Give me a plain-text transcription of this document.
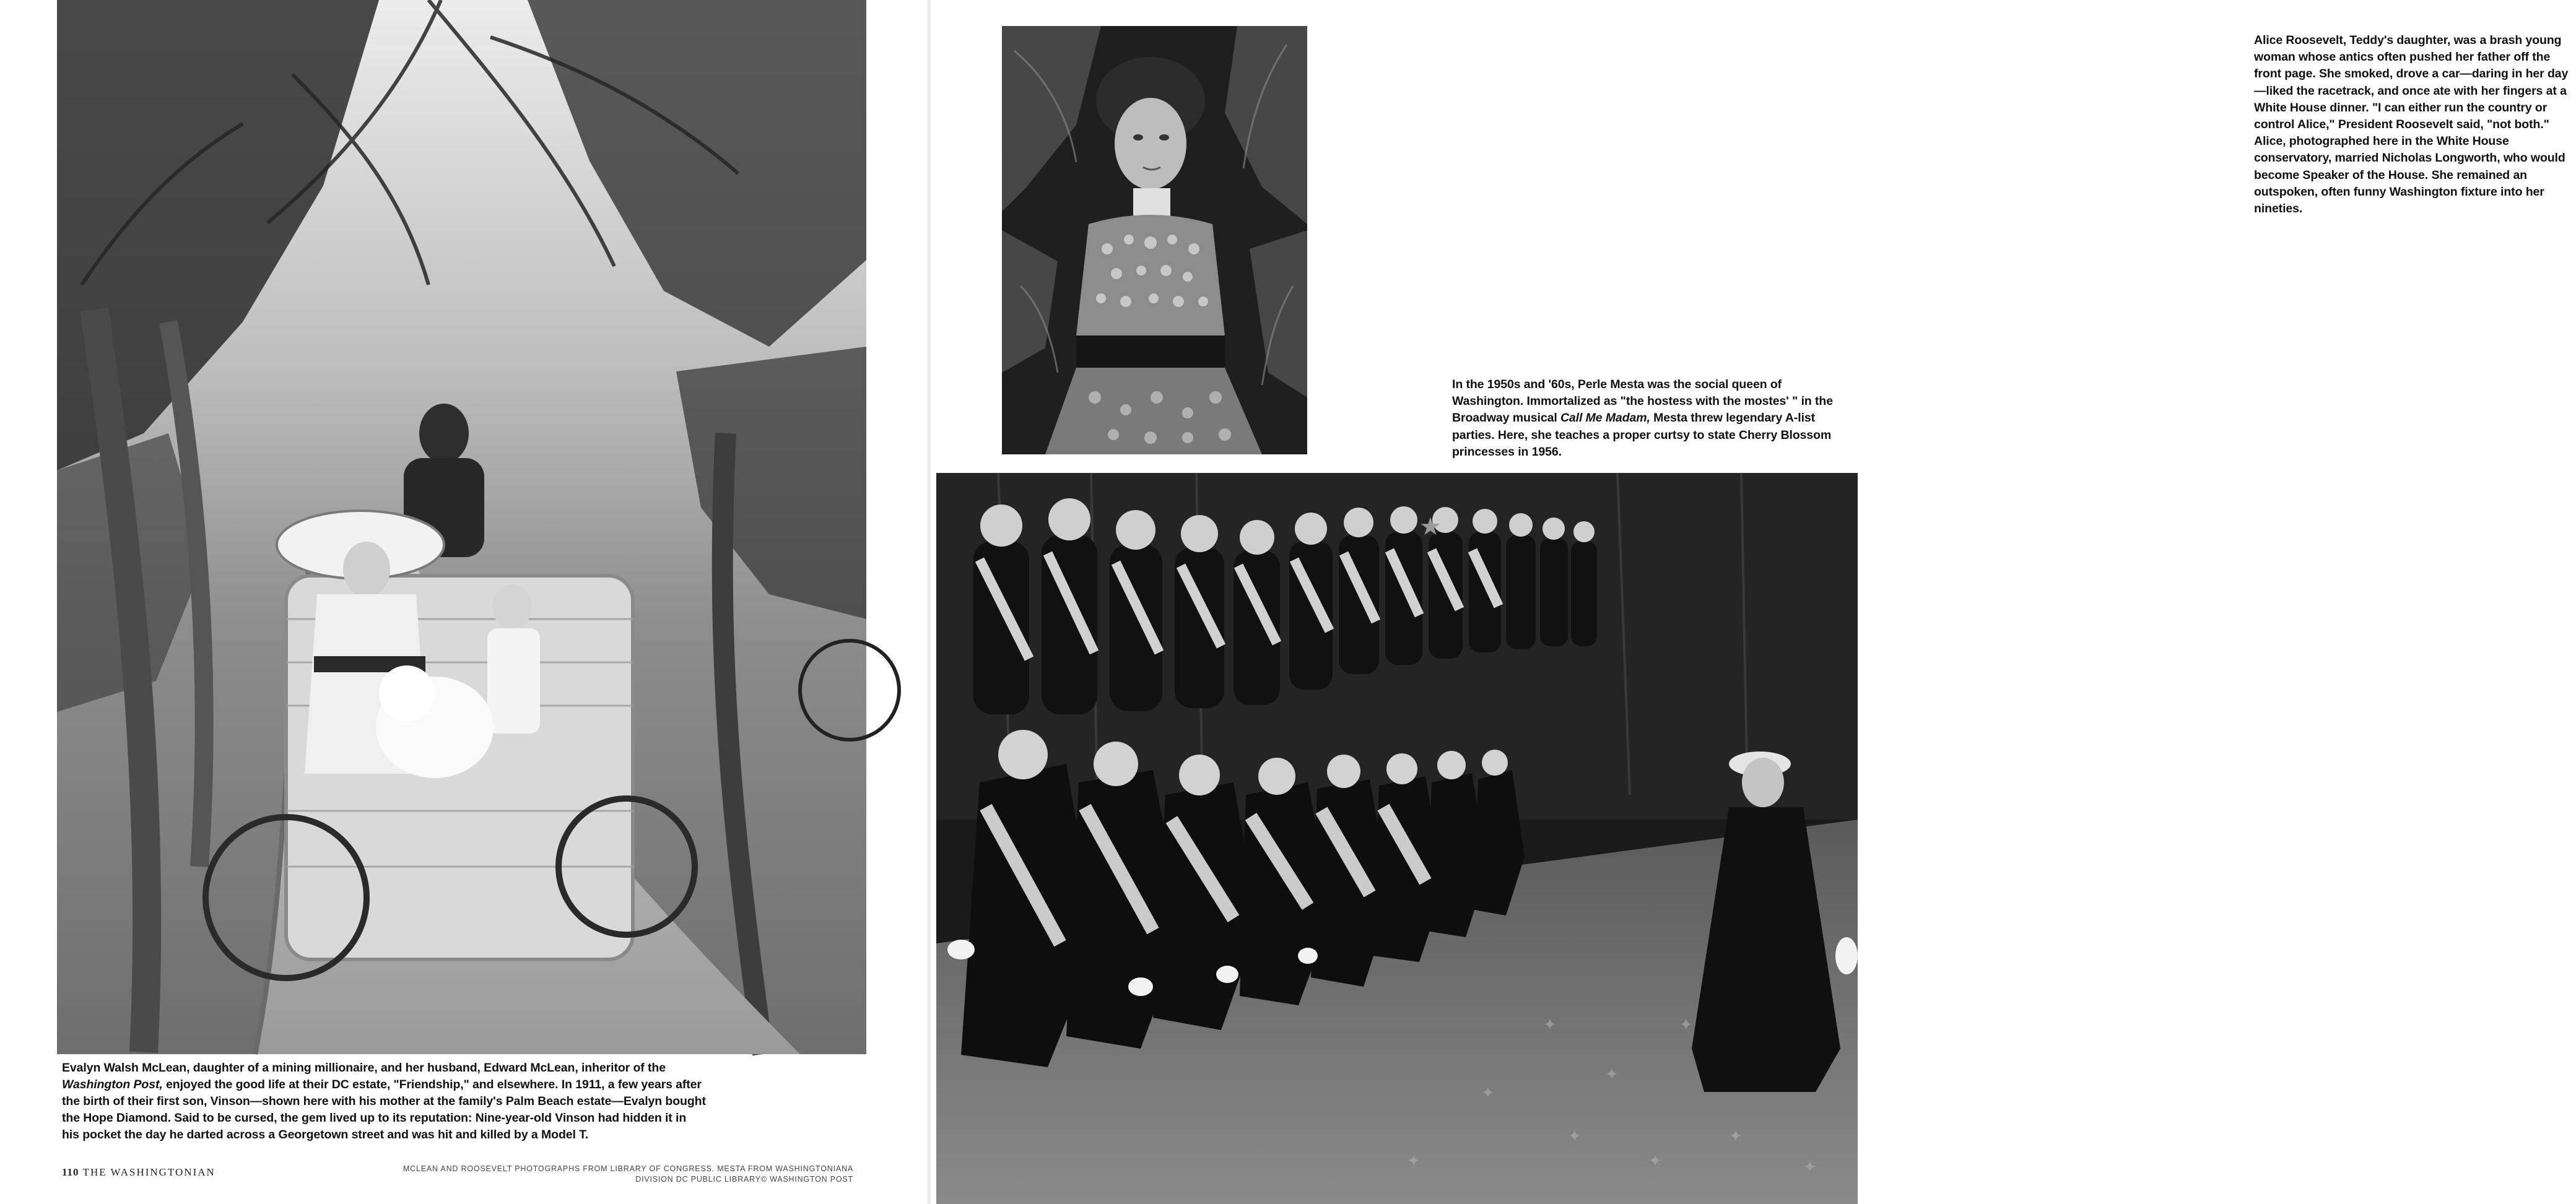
Evalyn Walsh McLean, daughter of a mining millionaire, and her husband, Edward McLean, inheritor of the Washington Post, enjoyed the good life at their DC estate, "Friendship," and elsewhere. In 1911, a few years after the birth of their first son, Vinson—shown here with his mother at the family's Palm Beach estate—Evalyn bought the Hope Diamond. Said to be cursed, the gem lived up to its reputation: Nine-year-old Vinson had hidden it in his pocket the day he darted across a Georgetown street and was hit and killed by a Model T.

110 THE WASHINGTONIAN	MCLEAN AND ROOSEVELT PHOTOGRAPHS FROM LIBRARY OF CONGRESS. MESTA FROM WASHINGTONIANA DIVISION DC PUBLIC LIBRARY© WASHINGTON POST

Alice Roosevelt, Teddy's daughter, was a brash young woman whose antics often pushed her father off the front page. She smoked, drove a car—daring in her day—liked the racetrack, and once ate with her fingers at a White House dinner. "I can either run the country or control Alice," President Roosevelt said, "not both." Alice, photographed here in the White House conservatory, married Nicholas Longworth, who would become Speaker of the House. She remained an outspoken, often funny Washington fixture into her nineties.

In the 1950s and '60s, Perle Mesta was the social queen of Washington. Immortalized as "the hostess with the mostes' " in the Broadway musical Call Me Madam, Mesta threw legendary A-list parties. Here, she teaches a proper curtsy to state Cherry Blossom princesses in 1956.

✦
✦
✦
✦
✦
✦
✦
✦
✦
★
